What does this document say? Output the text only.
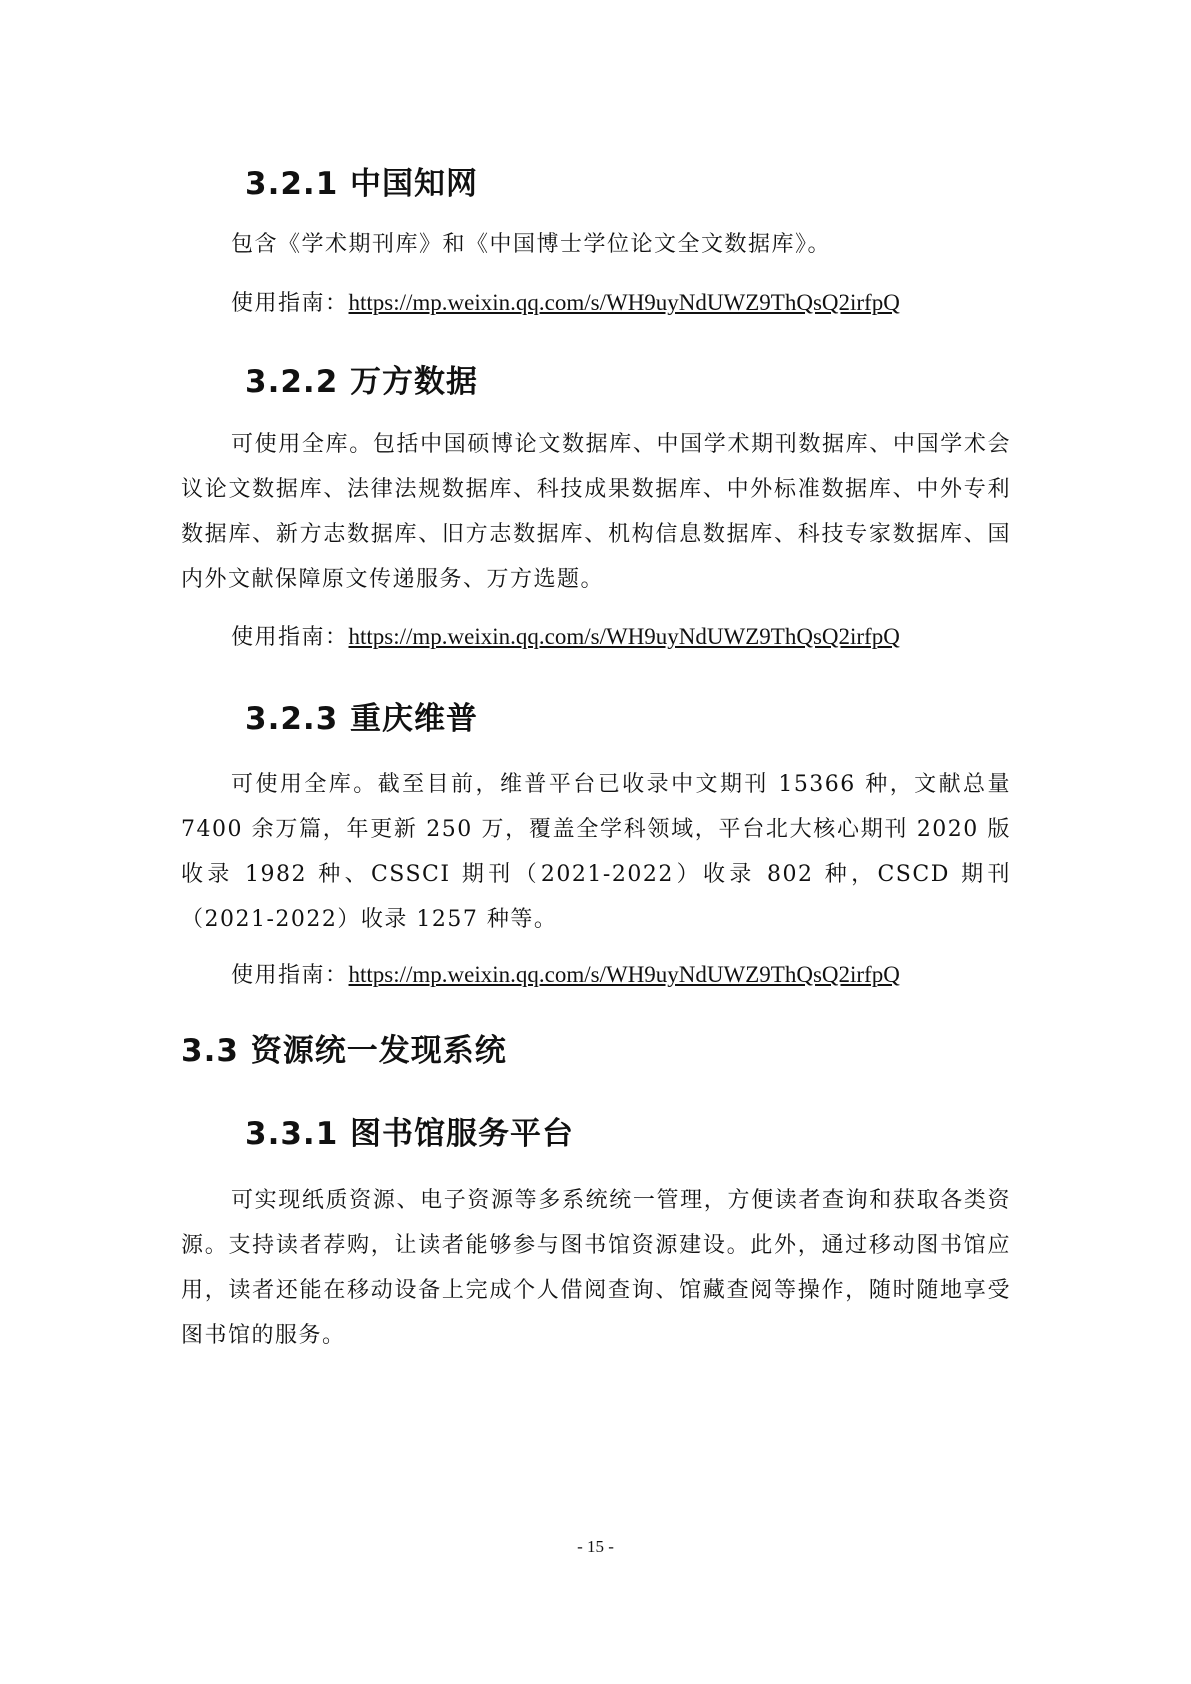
3.2.1 中国知网

包含《学术期刊库》和《中国博士学位论文全文数据库》。

使用指南：https://mp.weixin.qq.com/s/WH9uyNdUWZ9ThQsQ2irfpQ
3.2.2 万方数据

可使用全库。包括中国硕博论文数据库、中国学术期刊数据库、中国学术会议论文数据库、法律法规数据库、科技成果数据库、中外标准数据库、中外专利数据库、新方志数据库、旧方志数据库、机构信息数据库、科技专家数据库、国内外文献保障原文传递服务、万方选题。

使用指南：https://mp.weixin.qq.com/s/WH9uyNdUWZ9ThQsQ2irfpQ
3.2.3 重庆维普

可使用全库。截至目前，维普平台已收录中文期刊 15366 种，文献总量 7400 余万篇，年更新 250 万，覆盖全学科领域，平台北大核心期刊 2020 版收录 1982 种、CSSCI 期刊（2021-2022）收录 802 种，CSCD 期刊（2021-2022）收录 1257 种等。

使用指南：https://mp.weixin.qq.com/s/WH9uyNdUWZ9ThQsQ2irfpQ
3.3 资源统一发现系统
3.3.1 图书馆服务平台

可实现纸质资源、电子资源等多系统统一管理，方便读者查询和获取各类资源。支持读者荐购，让读者能够参与图书馆资源建设。此外，通过移动图书馆应用，读者还能在移动设备上完成个人借阅查询、馆藏查阅等操作，随时随地享受图书馆的服务。

- 15 -
